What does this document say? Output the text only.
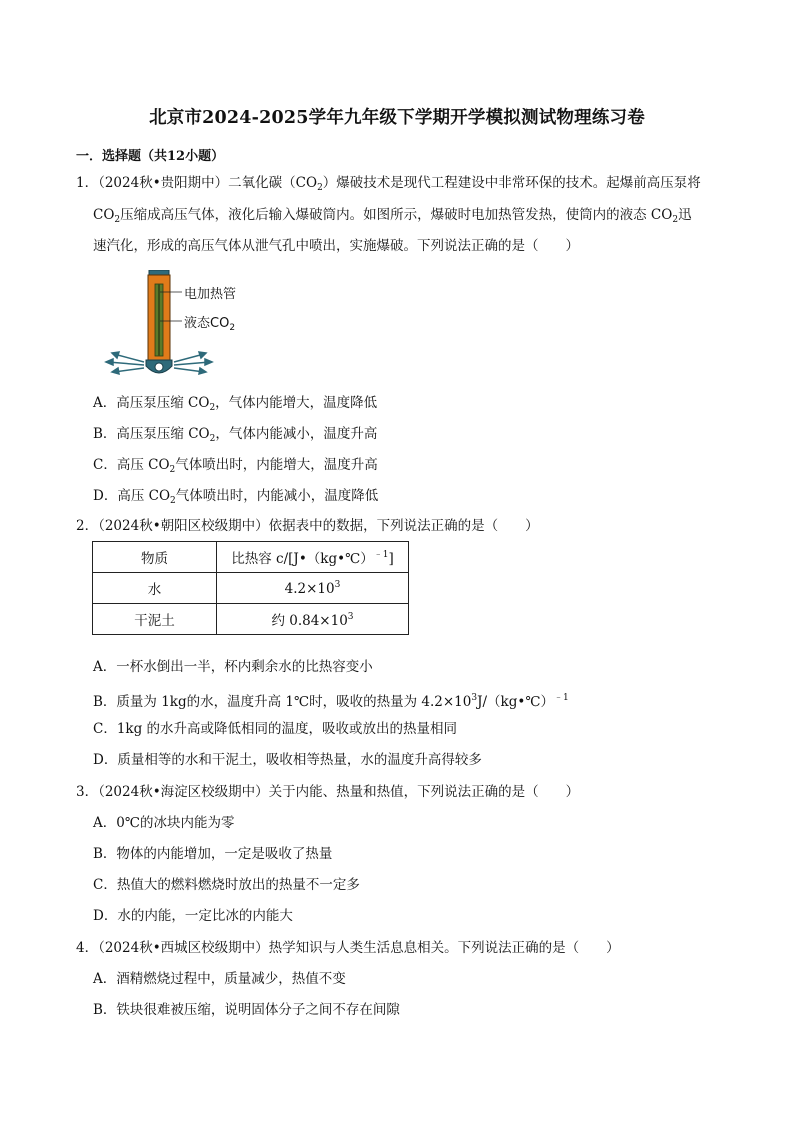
北京市2024-2025学年九年级下学期开学模拟测试物理练习卷
一．选择题（共12小题）
1．（2024秋•贵阳期中）二氧化碳$(CO_2)$爆破技术是现代工程建设中非常环保的技术。起爆前高压泵将
$CO_2$压缩成高压气体，液化后输入爆破筒内。如图所示，爆破时电加热管发热，使筒内的液态 $CO_2$迅
速汽化，形成的高压气体从泄气孔中喷出，实施爆破。下列说法正确的是（　　）
电加热管
液态$CO_2$
A．高压泵压缩 $CO_2$，气体内能增大，温度降低
B．高压泵压缩 $CO_2$，气体内能减小，温度升高
C．高压 $CO_2$气体喷出时，内能增大，温度升高
D．高压 $CO_2$气体喷出时，内能减小，温度降低
2．（2024秋•朝阳区校级期中）依据表中的数据，下列说法正确的是（　　）
物质	比热容 c/[J•（kg•℃）$^{﹣1}$]
水	$4.2\times 10^3$
干泥土	约 $0.84\times 10^3$
A．一杯水倒出一半，杯内剩余水的比热容变小
B．质量为 1kg的水，温度升高 1℃时，吸收的热量为 $4.2\times 10^3J/(kg•℃)^{﹣1}$
C．1kg 的水升高或降低相同的温度，吸收或放出的热量相同
D．质量相等的水和干泥土，吸收相等热量，水的温度升高得较多
3．（2024秋•海淀区校级期中）关于内能、热量和热值，下列说法正确的是（　　）
A．0℃的冰块内能为零
B．物体的内能增加，一定是吸收了热量
C．热值大的燃料燃烧时放出的热量不一定多
D．水的内能，一定比冰的内能大
4．（2024秋•西城区校级期中）热学知识与人类生活息息相关。下列说法正确的是（　　）
A．酒精燃烧过程中，质量减少，热值不变
B．铁块很难被压缩，说明固体分子之间不存在间隙
